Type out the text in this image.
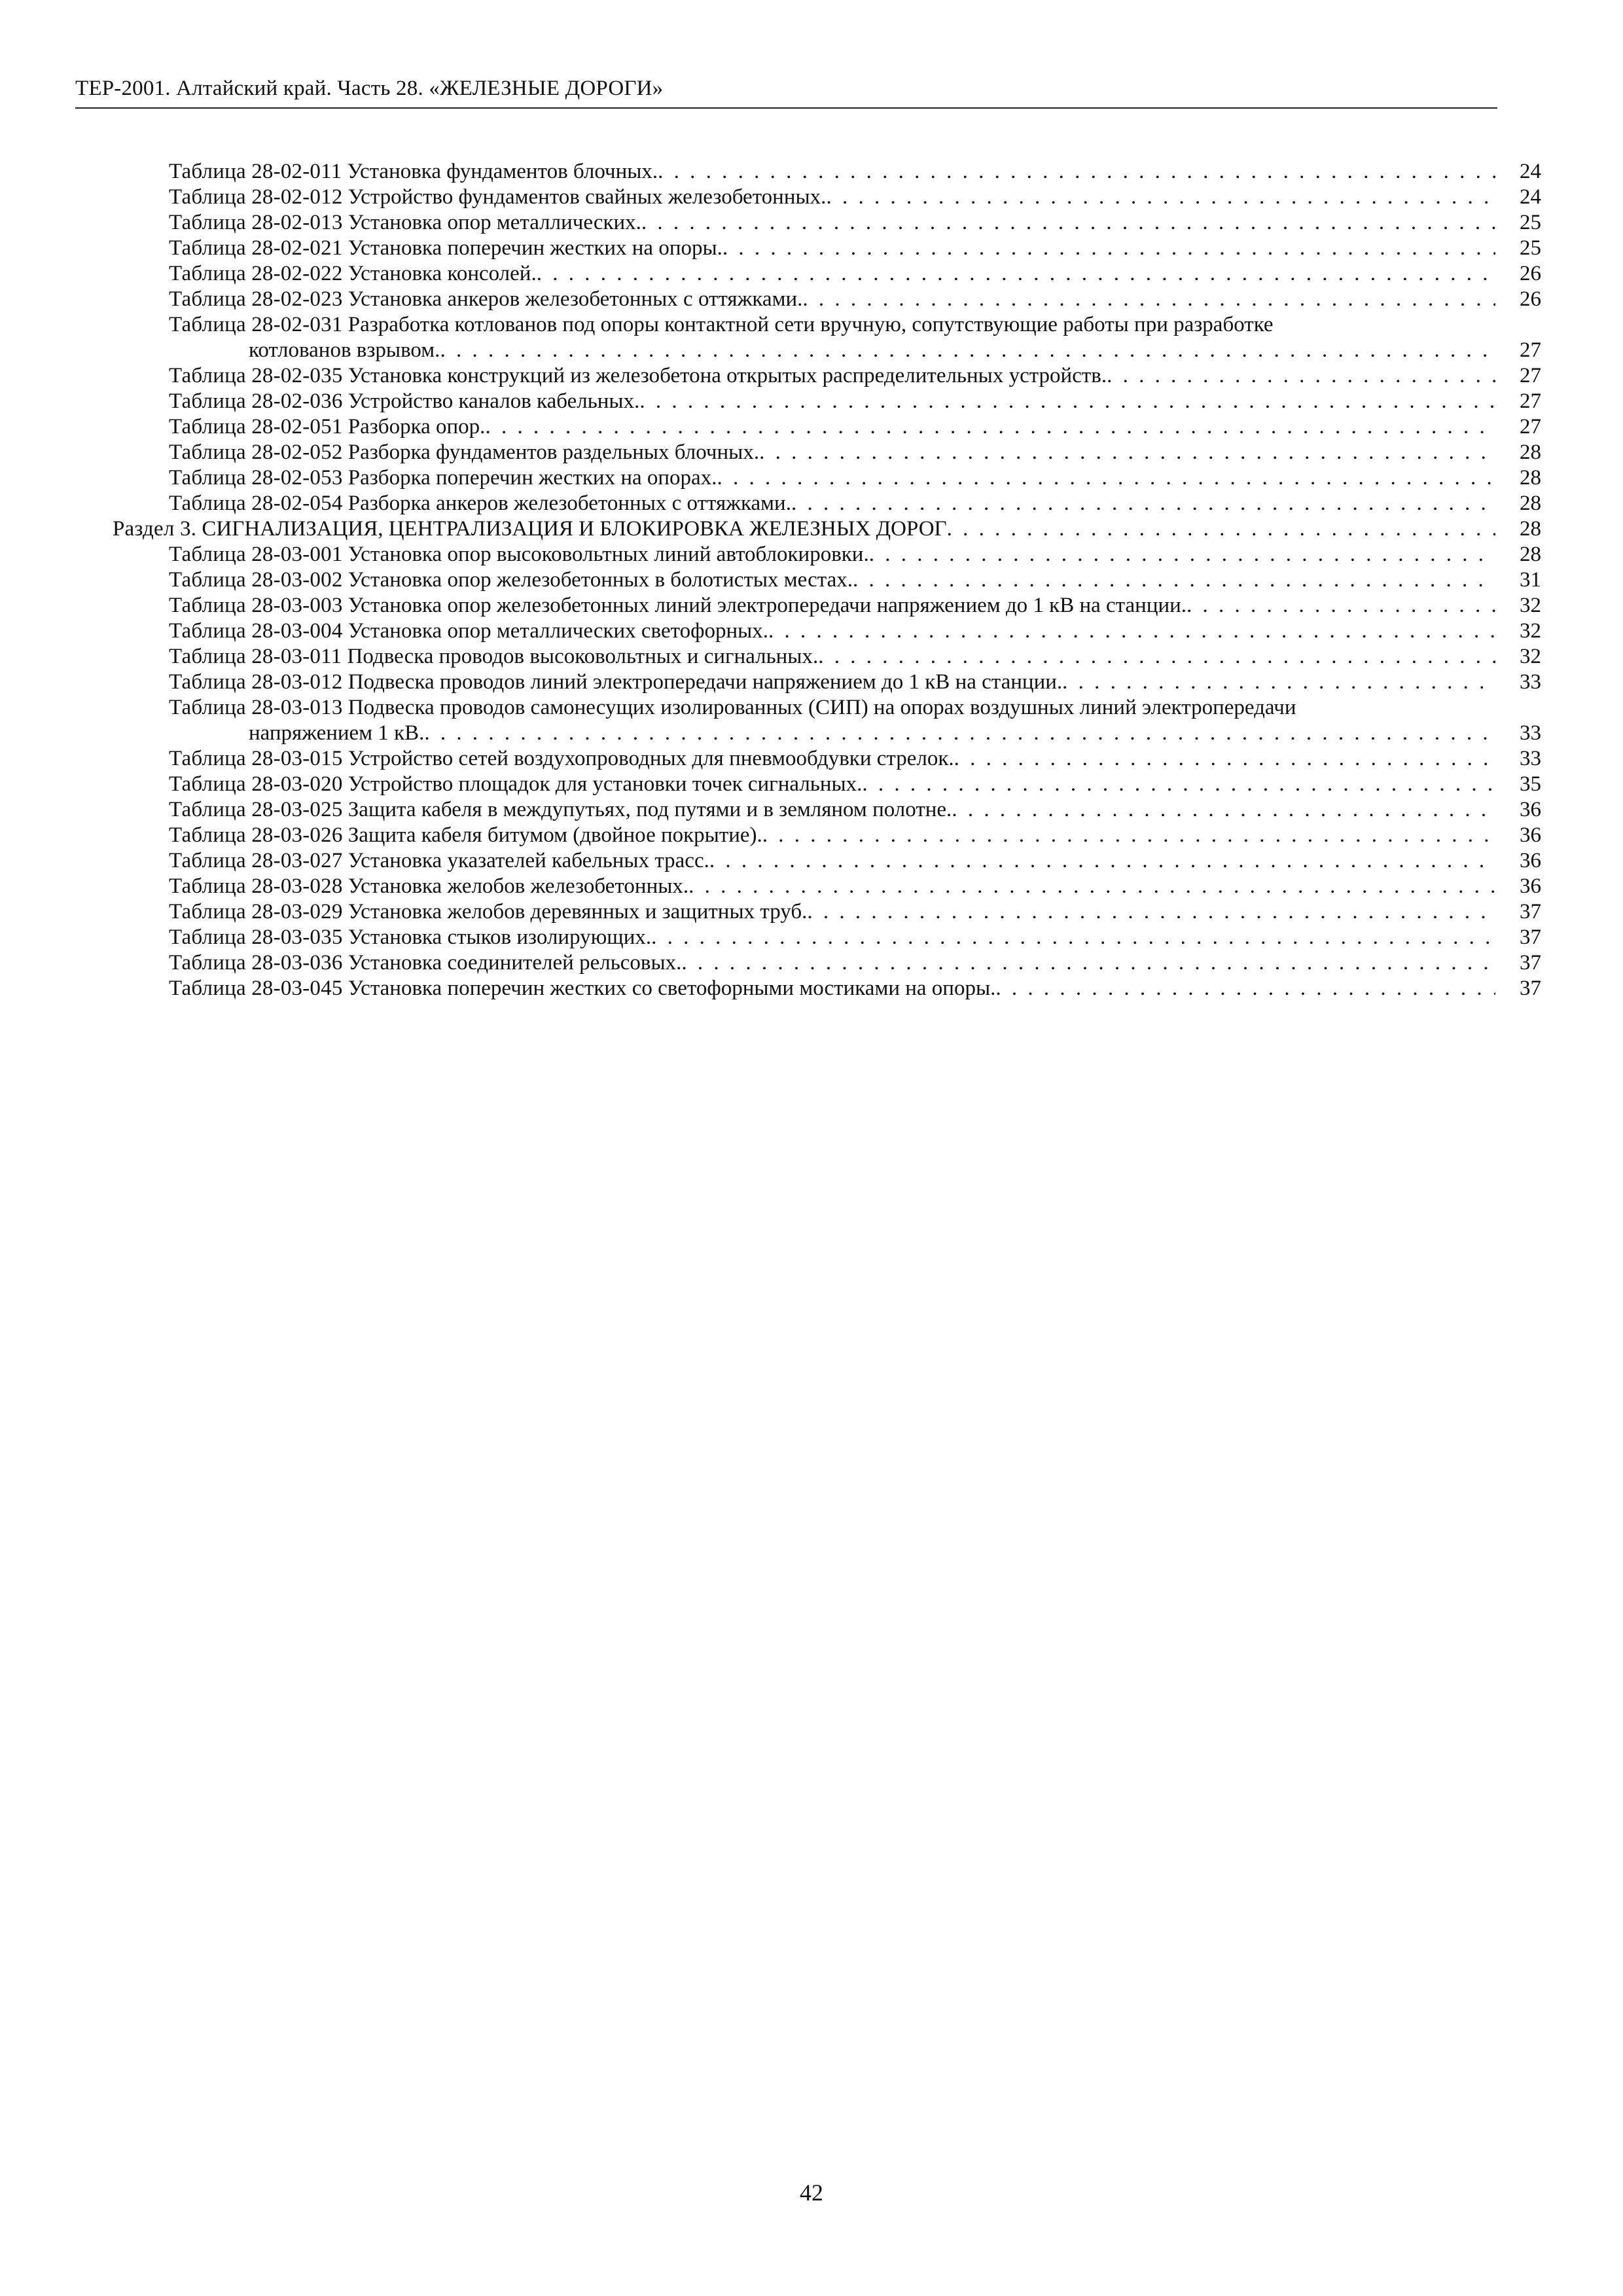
ТЕР-2001. Алтайский край. Часть 28. «ЖЕЛЕЗНЫЕ ДОРОГИ»
Таблица 28-02-011 Установка фундаментов блочных. . . .	24
Таблица 28-02-012 Устройство фундаментов свайных железобетонных. . . .	24
Таблица 28-02-013 Установка опор металлических. . . .	25
Таблица 28-02-021 Установка поперечин жестких на опоры. . . .	25
Таблица 28-02-022 Установка консолей. . . .	26
Таблица 28-02-023 Установка анкеров железобетонных с оттяжками. . . .	26
Таблица 28-02-031 Разработка котлованов под опоры контактной сети вручную, сопутствующие работы при разработке
котлованов взрывом. . . .	27
Таблица 28-02-035 Установка конструкций из железобетона открытых распределительных устройств. . . .	27
Таблица 28-02-036 Устройство каналов кабельных. . . .	27
Таблица 28-02-051 Разборка опор. . . .	27
Таблица 28-02-052 Разборка фундаментов раздельных блочных. . . .	28
Таблица 28-02-053 Разборка поперечин жестких на опорах. . . .	28
Таблица 28-02-054 Разборка анкеров железобетонных с оттяжками. . . .	28
Раздел 3. СИГНАЛИЗАЦИЯ, ЦЕНТРАЛИЗАЦИЯ И БЛОКИРОВКА ЖЕЛЕЗНЫХ ДОРОГ . . .	28
Таблица 28-03-001 Установка опор высоковольтных линий автоблокировки. . . .	28
Таблица 28-03-002 Установка опор железобетонных в болотистых местах. . . .	31
Таблица 28-03-003 Установка опор железобетонных линий электропередачи напряжением до 1 кВ на станции. . . .	32
Таблица 28-03-004 Установка опор металлических светофорных. . . .	32
Таблица 28-03-011 Подвеска проводов высоковольтных и сигнальных. . . .	32
Таблица 28-03-012 Подвеска проводов линий электропередачи напряжением до 1 кВ на станции. . . .	33
Таблица 28-03-013 Подвеска проводов самонесущих изолированных (СИП) на опорах воздушных линий электропередачи
напряжением 1 кВ. . . .	33
Таблица 28-03-015 Устройство сетей воздухопроводных для пневмообдувки стрелок. . . .	33
Таблица 28-03-020 Устройство площадок для установки точек сигнальных. . . .	35
Таблица 28-03-025 Защита кабеля в междупутьях, под путями и в земляном полотне. . . .	36
Таблица 28-03-026 Защита кабеля битумом (двойное покрытие). . . .	36
Таблица 28-03-027 Установка указателей кабельных трасс. . . .	36
Таблица 28-03-028 Установка желобов железобетонных. . . .	36
Таблица 28-03-029 Установка желобов деревянных и защитных труб. . . .	37
Таблица 28-03-035 Установка стыков изолирующих. . . .	37
Таблица 28-03-036 Установка соединителей рельсовых. . . .	37
Таблица 28-03-045 Установка поперечин жестких со светофорными мостиками на опоры. . . .	37
42
